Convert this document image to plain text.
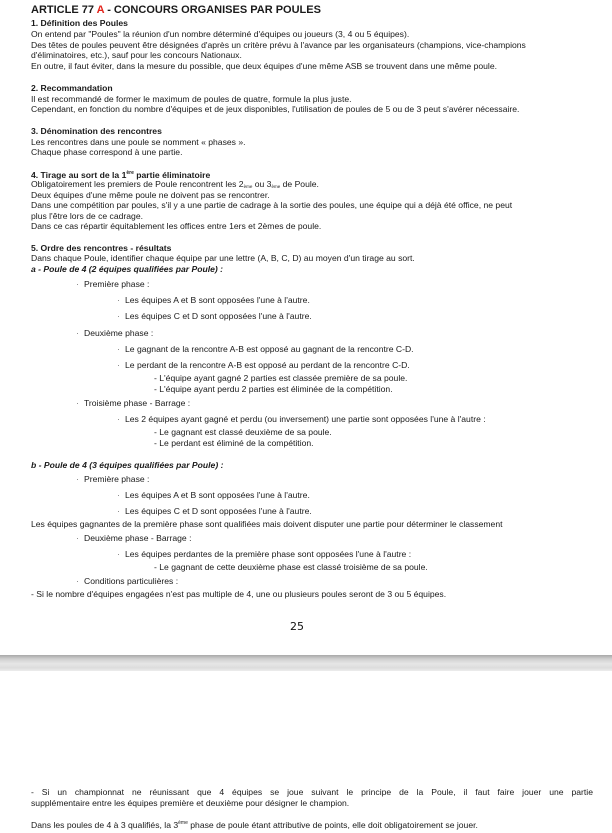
ARTICLE 77 A - CONCOURS ORGANISES PAR POULES
1. Définition des Poules
On entend par "Poules" la réunion d'un nombre déterminé d'équipes ou joueurs (3, 4 ou 5 équipes).
Des têtes de poules peuvent être désignées d'après un critère prévu à l'avance par les organisateurs (champions, vice-champions
d'éliminatoires, etc.), sauf pour les concours Nationaux.
En outre, il faut éviter, dans la mesure du possible, que deux équipes d'une même ASB se trouvent dans une même poule.
2. Recommandation
Il est recommandé de former le maximum de poules de quatre, formule la plus juste.
Cependant, en fonction du nombre d'équipes et de jeux disponibles, l'utilisation de poules de 5 ou de 3 peut s'avérer nécessaire.
3. Dénomination des rencontres
Les rencontres dans une poule se nomment « phases ».
Chaque phase correspond à une partie.
4. Tirage au sort de la 1ère partie éliminatoire
Obligatoirement les premiers de Poule rencontrent les $2_{ème}$ ou $3_{ème}$ de Poule.
Deux équipes d'une même poule ne doivent pas se rencontrer.
Dans une compétition par poules, s'il y a une partie de cadrage à la sortie des poules, une équipe qui a déjà été office, ne peut
plus l'être lors de ce cadrage.
Dans ce cas répartir équitablement les offices entre 1ers et 2èmes de poule.
5. Ordre des rencontres - résultats
Dans chaque Poule, identifier chaque équipe par une lettre (A, B, C, D) au moyen d'un tirage au sort.
a - Poule de 4 (2 équipes qualifiées par Poule) :
· Première phase :
· Les équipes A et B sont opposées l'une à l'autre.
· Les équipes C et D sont opposées l'une à l'autre.
· Deuxième phase :
· Le gagnant de la rencontre A-B est opposé au gagnant de la rencontre C-D.
· Le perdant de la rencontre A-B est opposé au perdant de la rencontre C-D.
- L'équipe ayant gagné 2 parties est classée première de sa poule.
- L'équipe ayant perdu 2 parties est éliminée de la compétition.
· Troisième phase - Barrage :
· Les 2 équipes ayant gagné et perdu (ou inversement) une partie sont opposées l'une à l'autre :
- Le gagnant est classé deuxième de sa poule.
- Le perdant est éliminé de la compétition.
b - Poule de 4 (3 équipes qualifiées par Poule) :
· Première phase :
· Les équipes A et B sont opposées l'une à l'autre.
· Les équipes C et D sont opposées l'une à l'autre.
Les équipes gagnantes de la première phase sont qualifiées mais doivent disputer une partie pour déterminer le classement
· Deuxième phase - Barrage :
· Les équipes perdantes de la première phase sont opposées l'une à l'autre :
- Le gagnant de cette deuxième phase est classé troisième de sa poule.
· Conditions particulières :
- Si le nombre d'équipes engagées n'est pas multiple de 4, une ou plusieurs poules seront de 3 ou 5 équipes.
25
- Si un championnat ne réunissant que 4 équipes se joue suivant le principe de la Poule, il faut faire jouer une partie
supplémentaire entre les équipes première et deuxième pour désigner le champion.
Dans les poules de 4 à 3 qualifiés, la 3ème phase de poule étant attributive de points, elle doit obligatoirement se jouer.
